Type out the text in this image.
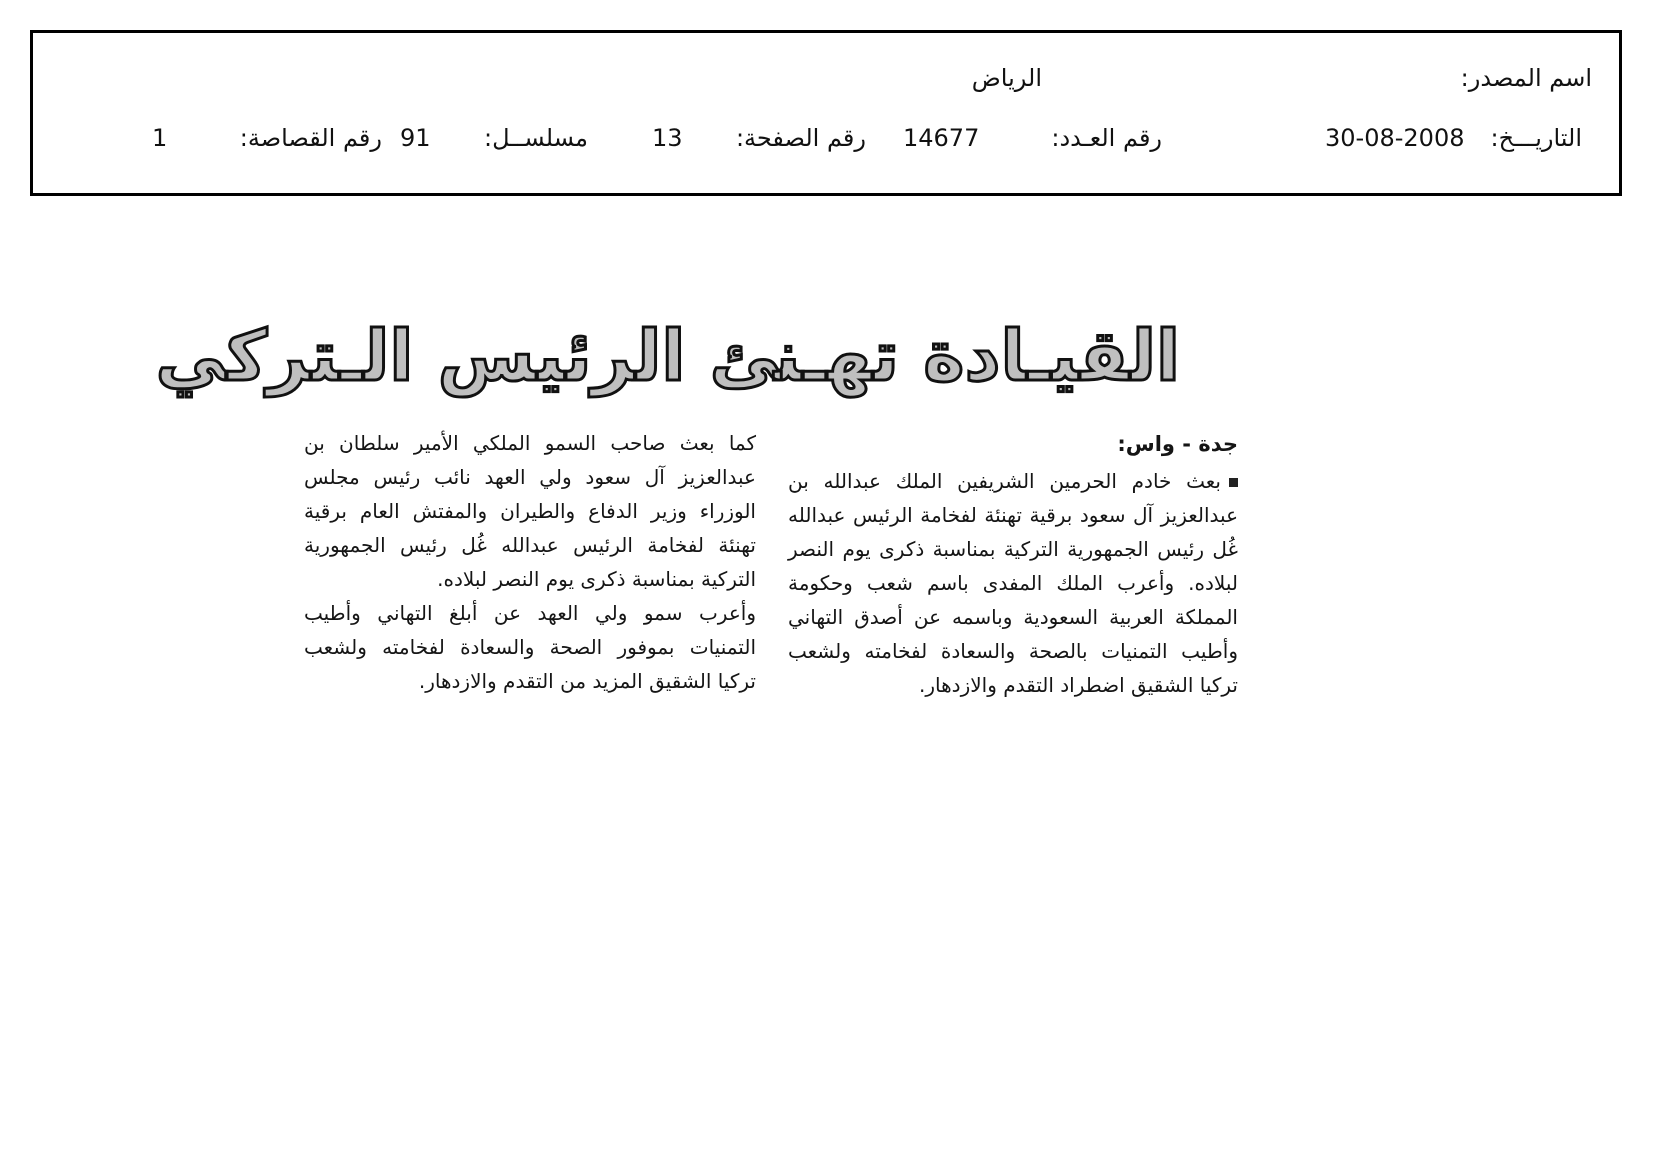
اسم المصدر:
الرياض
التاريـــخ:
30-08-2008
رقم العـدد:
14677
رقم الصفحة:
13
مسلســل:
91
رقم القصاصة:
1
القيـادة تهـنئ الرئيس الـتركي

جدة - واس:

بعث خادم الحرمين الشريفين الملك عبدالله بن عبدالعزيز آل سعود برقية تهنئة لفخامة الرئيس عبدالله غُل رئيس الجمهورية التركية بمناسبة ذكرى يوم النصر لبلاده. وأعرب الملك المفدى باسم شعب وحكومة المملكة العربية السعودية وباسمه عن أصدق التهاني وأطيب التمنيات بالصحة والسعادة لفخامته ولشعب تركيا الشقيق اضطراد التقدم والازدهار.

كما بعث صاحب السمو الملكي الأمير سلطان بن عبدالعزيز آل سعود ولي العهد نائب رئيس مجلس الوزراء وزير الدفاع والطيران والمفتش العام برقية تهنئة لفخامة الرئيس عبدالله غُل رئيس الجمهورية التركية بمناسبة ذكرى يوم النصر لبلاده.

وأعرب سمو ولي العهد عن أبلغ التهاني وأطيب التمنيات بموفور الصحة والسعادة لفخامته ولشعب تركيا الشقيق المزيد من التقدم والازدهار.
